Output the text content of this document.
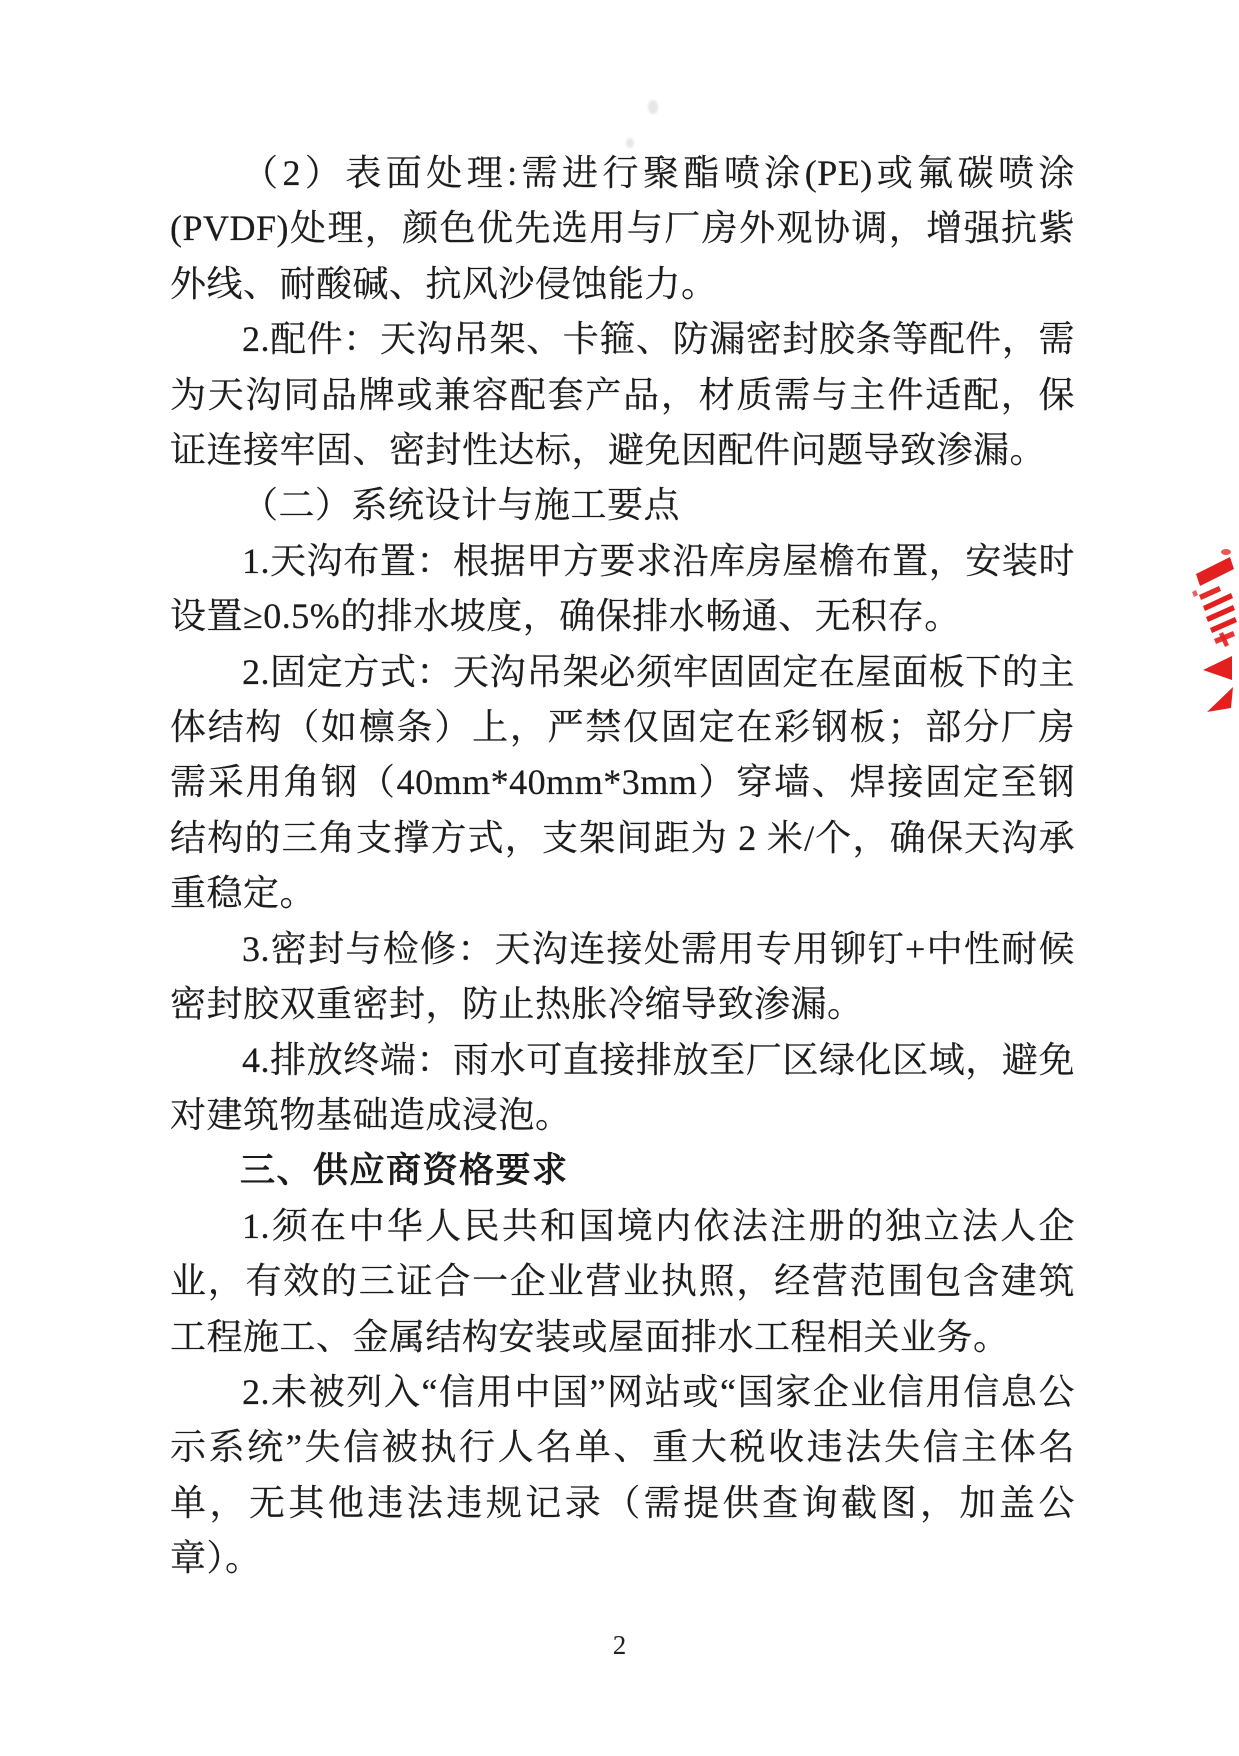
（2）表面处理:需进行聚酯喷涂(PE)或氟碳喷涂(PVDF)处理，颜色优先选用与厂房外观协调，增强抗紫外线、耐酸碱、抗风沙侵蚀能力。

2.配件：天沟吊架、卡箍、防漏密封胶条等配件，需为天沟同品牌或兼容配套产品，材质需与主件适配，保证连接牢固、密封性达标，避免因配件问题导致渗漏。

（二）系统设计与施工要点

1.天沟布置：根据甲方要求沿库房屋檐布置，安装时设置≥0.5%的排水坡度，确保排水畅通、无积存。

2.固定方式：天沟吊架必须牢固固定在屋面板下的主体结构（如檩条）上，严禁仅固定在彩钢板；部分厂房需采用角钢（40mm*40mm*3mm）穿墙、焊接固定至钢结构的三角支撑方式，支架间距为 2 米/个，确保天沟承重稳定。

3.密封与检修：天沟连接处需用专用铆钉+中性耐候密封胶双重密封，防止热胀冷缩导致渗漏。

4.排放终端：雨水可直接排放至厂区绿化区域，避免对建筑物基础造成浸泡。

三、供应商资格要求

1.须在中华人民共和国境内依法注册的独立法人企业，有效的三证合一企业营业执照，经营范围包含建筑工程施工、金属结构安装或屋面排水工程相关业务。

2.未被列入“信用中国”网站或“国家企业信用信息公示系统”失信被执行人名单、重大税收违法失信主体名单，无其他违法违规记录（需提供查询截图，加盖公章）。

2
